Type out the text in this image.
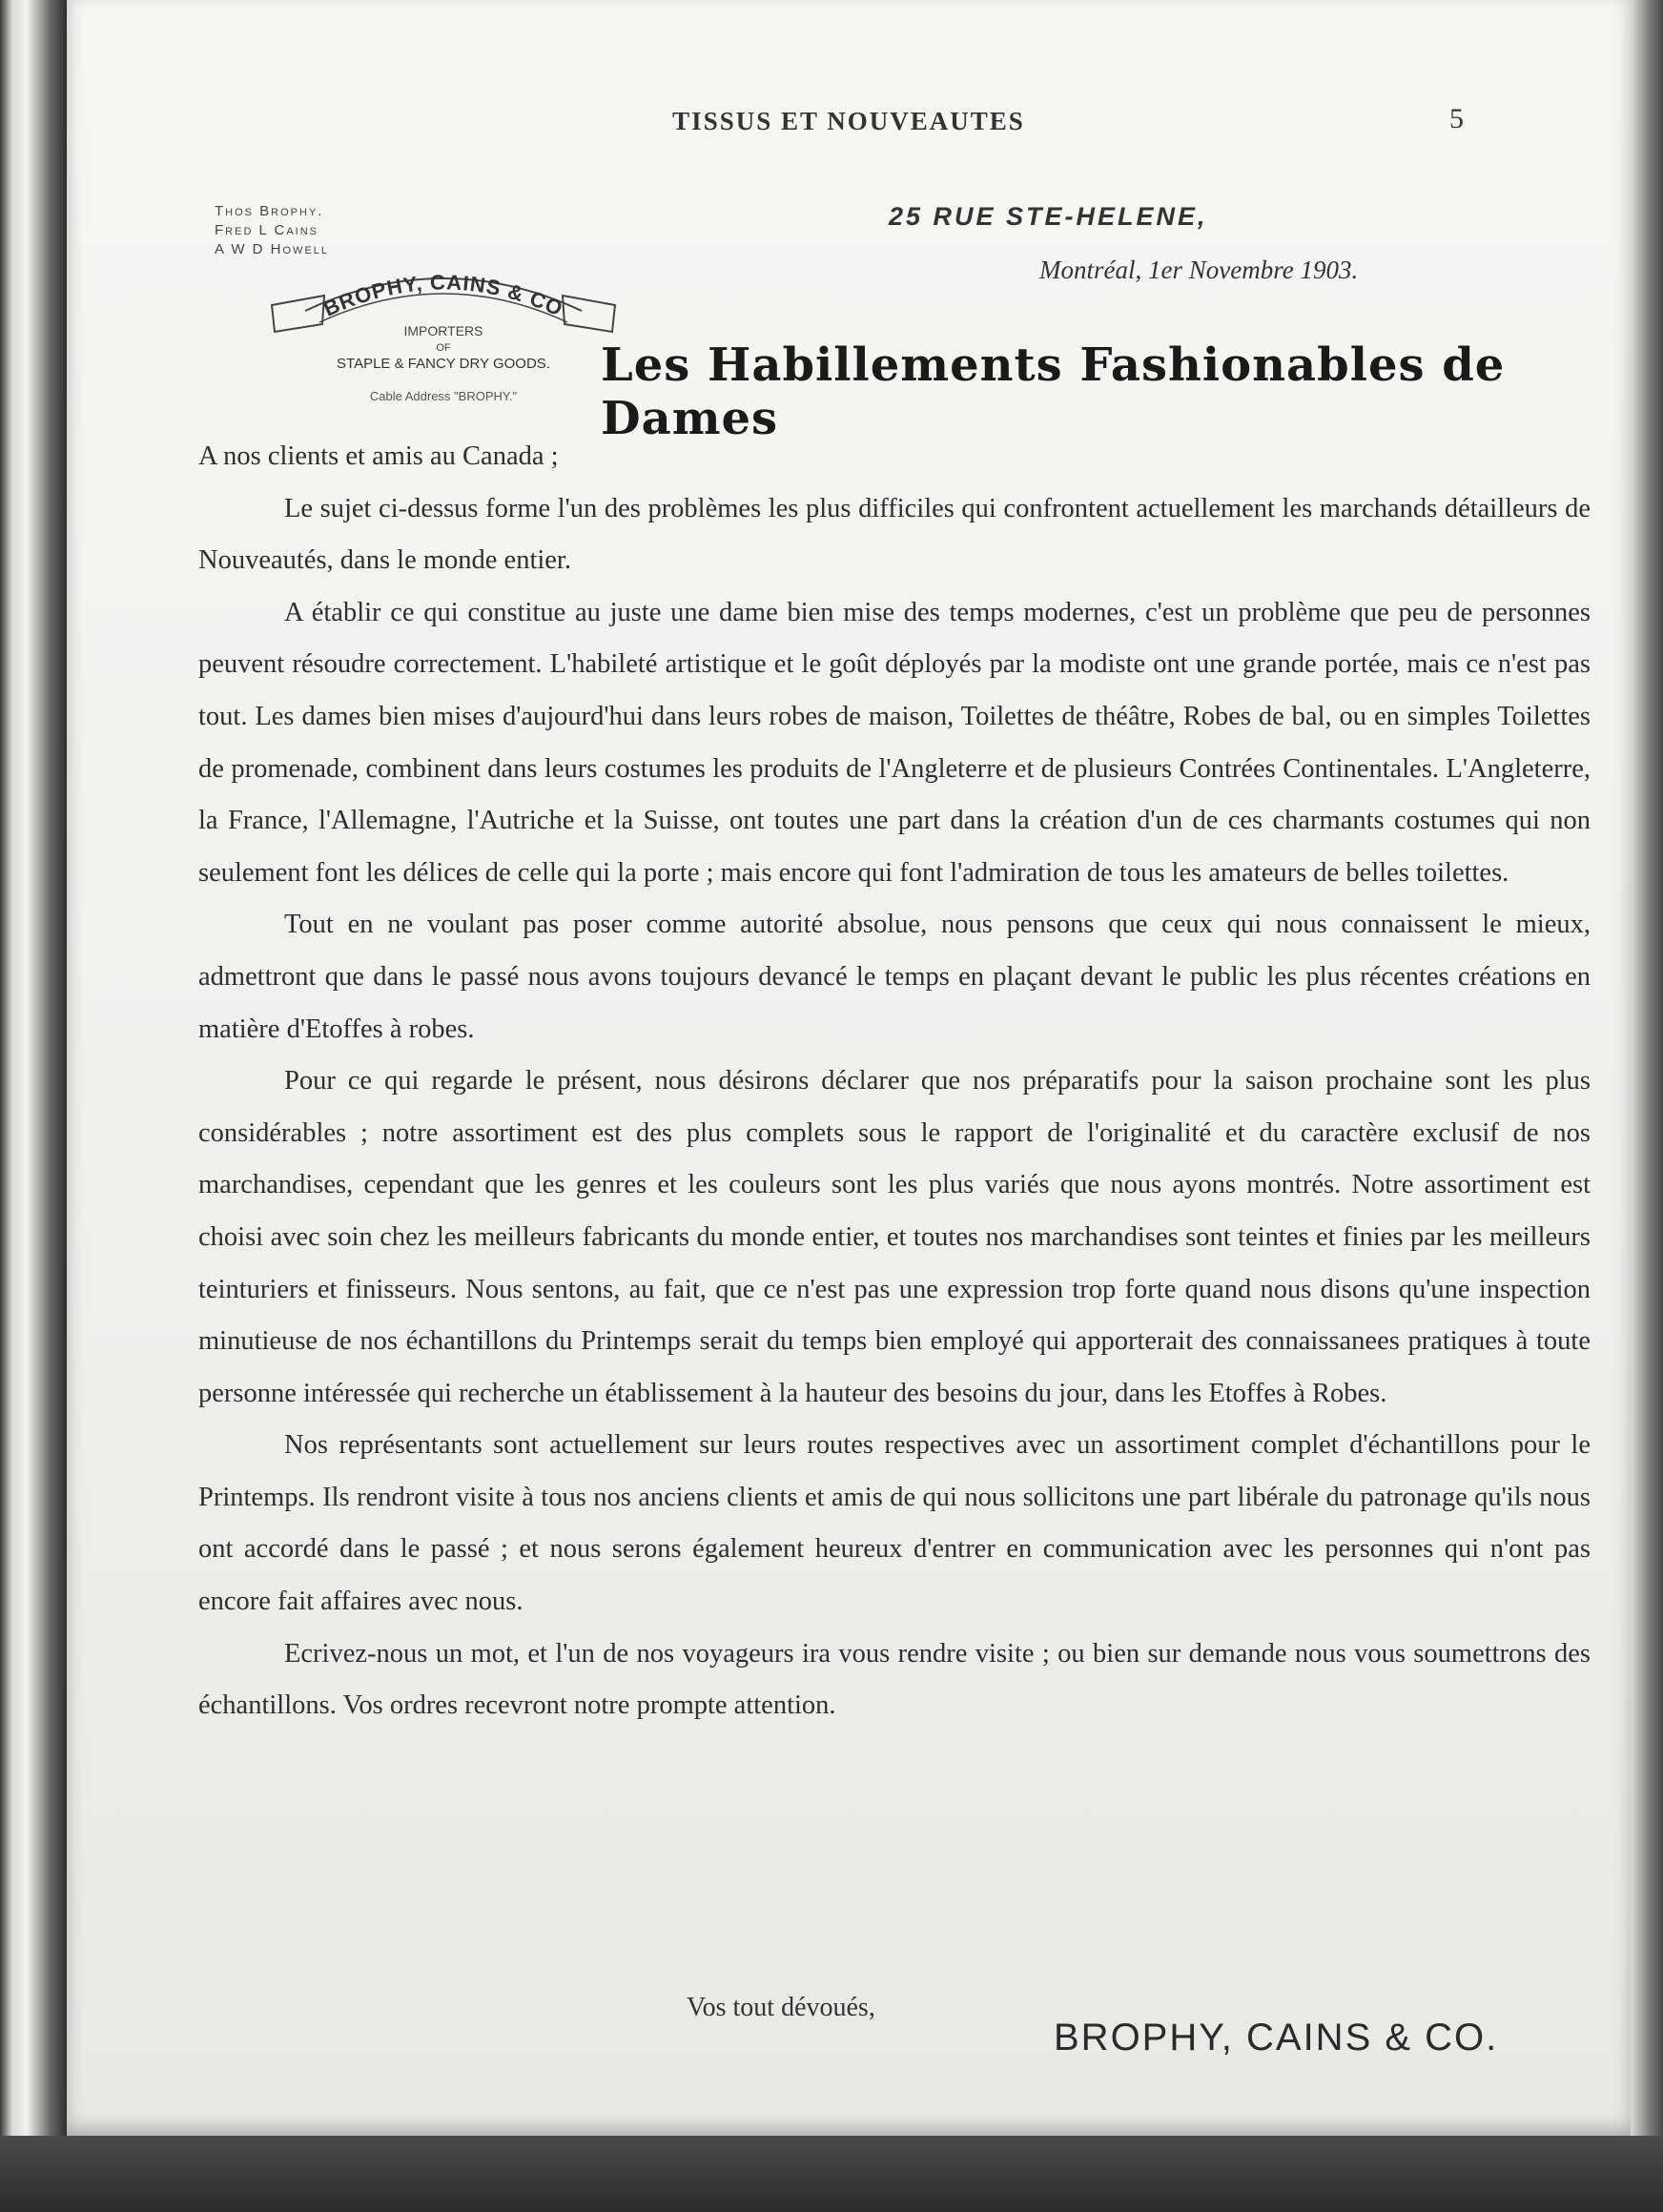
TISSUS ET NOUVEAUTES	5
Thos Brophy.
Fred L Cains
A W D Howell
BROPHY, CAINS & CO
IMPORTERS
OF
STAPLE & FANCY DRY GOODS.
Cable Address "BROPHY."
25 RUE STE-HELENE,
Montréal, 1er Novembre 1903.
Les Habillements Fashionables de Dames

A nos clients et amis au Canada ;

Le sujet ci-dessus forme l'un des problèmes les plus difficiles qui confrontent actuellement les marchands détailleurs de Nouveautés, dans le monde entier.

A établir ce qui constitue au juste une dame bien mise des temps modernes, c'est un problème que peu de personnes peuvent résoudre correctement. L'habileté artistique et le goût déployés par la modiste ont une grande portée, mais ce n'est pas tout. Les dames bien mises d'aujourd'hui dans leurs robes de maison, Toilettes de théâtre, Robes de bal, ou en simples Toilettes de promenade, combinent dans leurs costumes les produits de l'Angleterre et de plusieurs Contrées Continentales. L'Angleterre, la France, l'Allemagne, l'Autriche et la Suisse, ont toutes une part dans la création d'un de ces charmants costumes qui non seulement font les délices de celle qui la porte ; mais encore qui font l'admiration de tous les amateurs de belles toilettes.

Tout en ne voulant pas poser comme autorité absolue, nous pensons que ceux qui nous connaissent le mieux, admettront que dans le passé nous avons toujours devancé le temps en plaçant devant le public les plus récentes créations en matière d'Etoffes à robes.

Pour ce qui regarde le présent, nous désirons déclarer que nos préparatifs pour la saison prochaine sont les plus considérables ; notre assortiment est des plus complets sous le rapport de l'originalité et du caractère exclusif de nos marchandises, cependant que les genres et les couleurs sont les plus variés que nous ayons montrés. Notre assortiment est choisi avec soin chez les meilleurs fabricants du monde entier, et toutes nos marchandises sont teintes et finies par les meilleurs teinturiers et finisseurs. Nous sentons, au fait, que ce n'est pas une expression trop forte quand nous disons qu'une inspection minutieuse de nos échantillons du Printemps serait du temps bien employé qui apporterait des connaissanees pratiques à toute personne intéressée qui recherche un établissement à la hauteur des besoins du jour, dans les Etoffes à Robes.

Nos représentants sont actuellement sur leurs routes respectives avec un assortiment complet d'échantillons pour le Printemps. Ils rendront visite à tous nos anciens clients et amis de qui nous sollicitons une part libérale du patronage qu'ils nous ont accordé dans le passé ; et nous serons également heureux d'entrer en communication avec les personnes qui n'ont pas encore fait affaires avec nous.

Ecrivez-nous un mot, et l'un de nos voyageurs ira vous rendre visite ; ou bien sur demande nous vous soumettrons des échantillons. Vos ordres recevront notre prompte attention.

Vos tout dévoués,
BROPHY, CAINS & CO.
